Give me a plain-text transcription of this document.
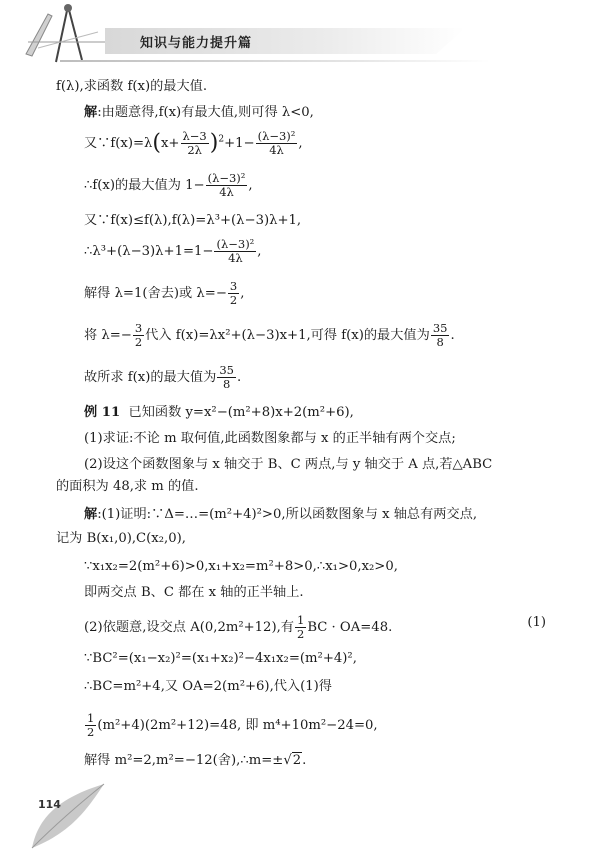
知识与能力提升篇
f(λ),求函数 f(x)的最大值.
解:由题意得,f(x)有最大值,则可得 λ<0,
又∵f(x)=λ(x+ $\frac{\lambda-3}{2\lambda} )^2+1- \frac{\text{(λ−3)²}}{4\lambda}$ ,
∴f(x)的最大值为 $1- \frac{\text{(λ−3)²}}{4\lambda}$ ,
又∵f(x)≤f(λ),f(λ)=λ³+(λ−3)λ+1,
∴λ³+(λ−3)λ+1=1− $\frac{\text{(λ−3)²}}{4\lambda}$ ,
解得 λ=1(舍去)或 $\lambda=- \frac{3}{2}$ ,
将 $\lambda=- \frac{3}{2}$ 代入 f(x)=λx²+(λ−3)x+1,可得 f(x)的最大值为 $\frac{35}{8}$ .
故所求 f(x)的最大值为 $\frac{35}{8}$ .
例 11 已知函数 y=x²−(m²+8)x+2(m²+6),
(1)求证:不论 m 取何值,此函数图象都与 x 的正半轴有两个交点;
(2)设这个函数图象与 x 轴交于 B、C 两点,与 y 轴交于 A 点,若△ABC
的面积为 48,求 m 的值.
解:(1)证明:∵Δ=…=(m²+4)²>0,所以函数图象与 x 轴总有两交点,
记为 B(x₁,0),C(x₂,0),
∵x₁x₂=2(m²+6)>0,x₁+x₂=m²+8>0,∴x₁>0,x₂>0,
即两交点 B、C 都在 x 轴的正半轴上.
(2)依题意,设交点 A(0,2m²+12),有 $\frac{1}{2}$ BC · OA=48.	(1)
∵BC²=(x₁−x₂)²=(x₁+x₂)²−4x₁x₂=(m²+4)²,
∴BC=m²+4,又 OA=2(m²+6),代入(1)得
$\frac{1}{2} (m^2+4)(2m^2+12)=48$, 即 m⁴+10m²−24=0,
解得 m²=2,m²=−12(舍),∴m=±√2.
114
